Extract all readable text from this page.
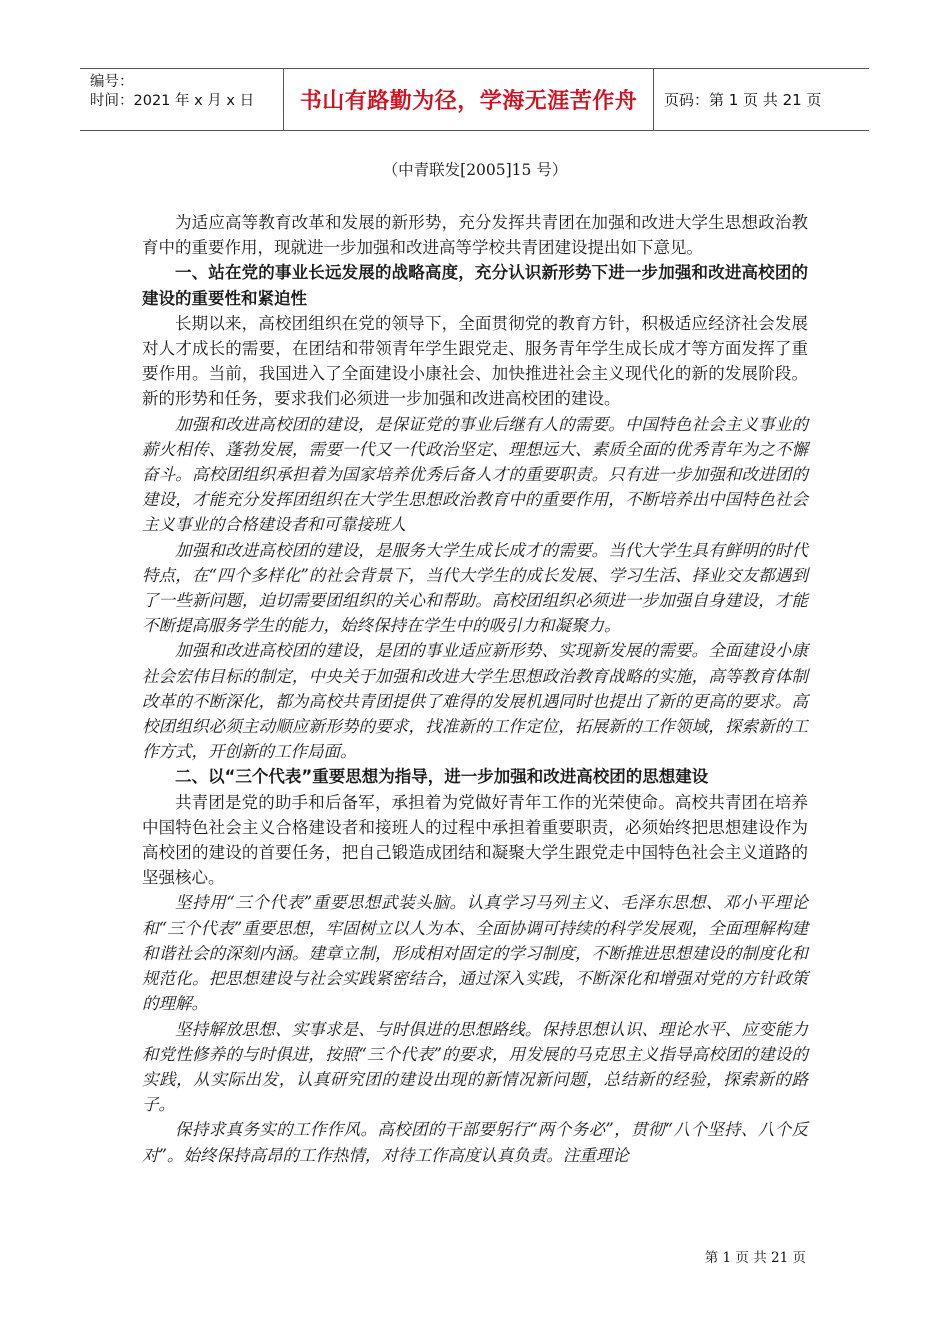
编号：
时间：2021 年 x 月 x 日	书山有路勤为径，学海无涯苦作舟 页码：第 1 页 共 21 页
（中青联发[2005]15 号）

为适应高等教育改革和发展的新形势，充分发挥共青团在加强和改进大学生思想政治教育中的重要作用，现就进一步加强和改进高等学校共青团建设提出如下意见。

一、站在党的事业长远发展的战略高度，充分认识新形势下进一步加强和改进高校团的建设的重要性和紧迫性

长期以来，高校团组织在党的领导下，全面贯彻党的教育方针，积极适应经济社会发展对人才成长的需要，在团结和带领青年学生跟党走、服务青年学生成长成才等方面发挥了重要作用。当前，我国进入了全面建设小康社会、加快推进社会主义现代化的新的发展阶段。新的形势和任务，要求我们必须进一步加强和改进高校团的建设。

加强和改进高校团的建设，是保证党的事业后继有人的需要。中国特色社会主义事业的薪火相传、蓬勃发展，需要一代又一代政治坚定、理想远大、素质全面的优秀青年为之不懈奋斗。高校团组织承担着为国家培养优秀后备人才的重要职责。只有进一步加强和改进团的建设，才能充分发挥团组织在大学生思想政治教育中的重要作用，不断培养出中国特色社会主义事业的合格建设者和可靠接班人

加强和改进高校团的建设，是服务大学生成长成才的需要。当代大学生具有鲜明的时代特点，在“四个多样化”的社会背景下，当代大学生的成长发展、学习生活、择业交友都遇到了一些新问题，迫切需要团组织的关心和帮助。高校团组织必须进一步加强自身建设，才能不断提高服务学生的能力，始终保持在学生中的吸引力和凝聚力。

加强和改进高校团的建设，是团的事业适应新形势、实现新发展的需要。全面建设小康社会宏伟目标的制定，中央关于加强和改进大学生思想政治教育战略的实施，高等教育体制改革的不断深化，都为高校共青团提供了难得的发展机遇同时也提出了新的更高的要求。高校团组织必须主动顺应新形势的要求，找准新的工作定位，拓展新的工作领域，探索新的工作方式，开创新的工作局面。

二、以“三个代表”重要思想为指导，进一步加强和改进高校团的思想建设

共青团是党的助手和后备军，承担着为党做好青年工作的光荣使命。高校共青团在培养中国特色社会主义合格建设者和接班人的过程中承担着重要职责，必须始终把思想建设作为高校团的建设的首要任务，把自己锻造成团结和凝聚大学生跟党走中国特色社会主义道路的坚强核心。

坚持用“三个代表”重要思想武装头脑。认真学习马列主义、毛泽东思想、邓小平理论和“三个代表”重要思想，牢固树立以人为本、全面协调可持续的科学发展观，全面理解构建和谐社会的深刻内涵。建章立制，形成相对固定的学习制度，不断推进思想建设的制度化和规范化。把思想建设与社会实践紧密结合，通过深入实践，不断深化和增强对党的方针政策的理解。

坚持解放思想、实事求是、与时俱进的思想路线。保持思想认识、理论水平、应变能力和党性修养的与时俱进，按照“三个代表”的要求，用发展的马克思主义指导高校团的建设的实践，从实际出发，认真研究团的建设出现的新情况新问题，总结新的经验，探索新的路子。

保持求真务实的工作作风。高校团的干部要躬行“两个务必”，贯彻“八个坚持、八个反对”。始终保持高昂的工作热情，对待工作高度认真负责。注重理论

第 1 页 共 21 页
